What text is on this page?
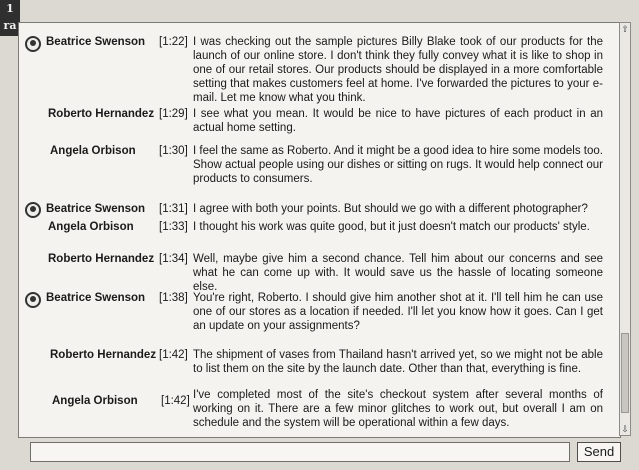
1
ra
Beatrice Swenson [1:22] I was checking out the sample pictures Billy Blake took of our products for the launch of our online store. I don't think they fully convey what it is like to shop in one of our retail stores. Our products should be displayed in a more comfortable setting that makes customers feel at home. I've forwarded the pictures to your e-mail. Let me know what you think.
Roberto Hernandez [1:29] I see what you mean. It would be nice to have pictures of each product in an actual home setting.
Angela Orbison [1:30] I feel the same as Roberto. And it might be a good idea to hire some models too. Show actual people using our dishes or sitting on rugs. It would help connect our products to consumers.
Beatrice Swenson [1:31] I agree with both your points. But should we go with a different photographer?
Angela Orbison [1:33] I thought his work was quite good, but it just doesn't match our products' style.
Roberto Hernandez [1:34] Well, maybe give him a second chance. Tell him about our concerns and see what he can come up with. It would save us the hassle of locating someone else.
Beatrice Swenson [1:38] You're right, Roberto. I should give him another shot at it. I'll tell him he can use one of our stores as a location if needed. I'll let you know how it goes. Can I get an update on your assignments?
Roberto Hernandez [1:42] The shipment of vases from Thailand hasn't arrived yet, so we might not be able to list them on the site by the launch date. Other than that, everything is fine.
Angela Orbison [1:42] I've completed most of the site's checkout system after several months of working on it. There are a few minor glitches to work out, but overall I am on schedule and the system will be operational within a few days.
⇧
⇩
Send
